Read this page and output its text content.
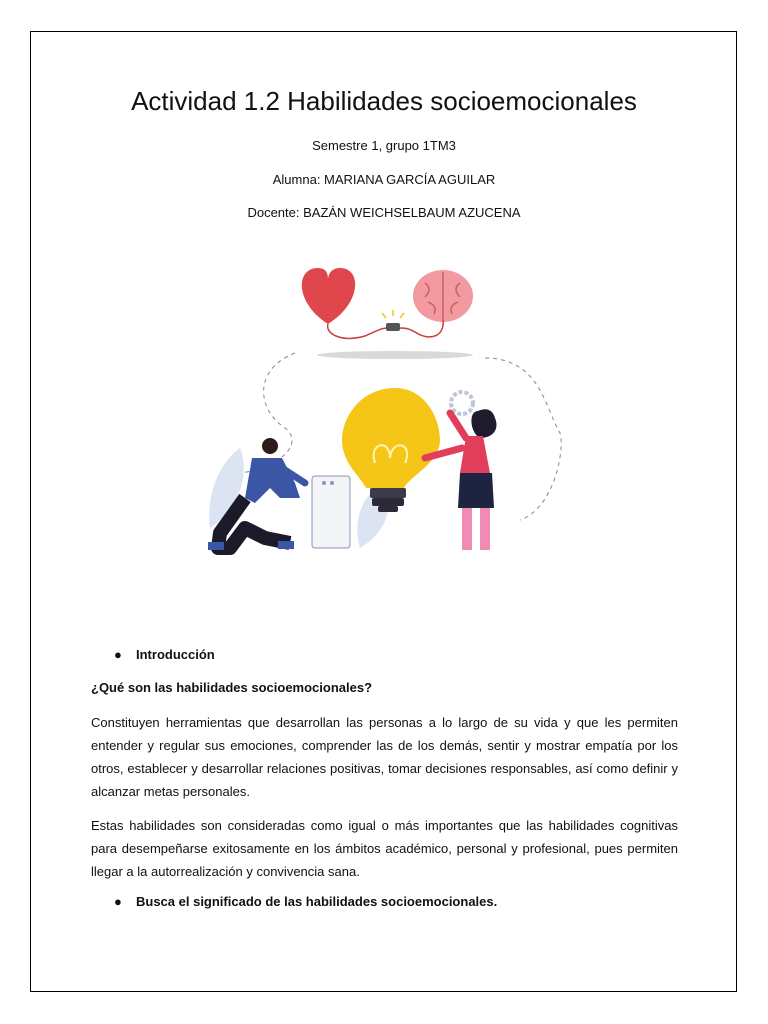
Actividad 1.2 Habilidades socioemocionales
Semestre 1, grupo 1TM3
Alumna: MARIANA GARCÍA AGUILAR
Docente: BAZÁN WEICHSELBAUM AZUCENA
● Introducción
¿Qué son las habilidades socioemocionales?

Constituyen herramientas que desarrollan las personas a lo largo de su vida y que les permiten entender y regular sus emociones, comprender las de los demás, sentir y mostrar empatía por los otros, establecer y desarrollar relaciones positivas, tomar decisiones responsables, así como definir y alcanzar metas personales.

Estas habilidades son consideradas como igual o más importantes que las habilidades cognitivas para desempeñarse exitosamente en los ámbitos académico, personal y profesional, pues permiten llegar a la autorrealización y convivencia sana.

● Busca el significado de las habilidades socioemocionales.
